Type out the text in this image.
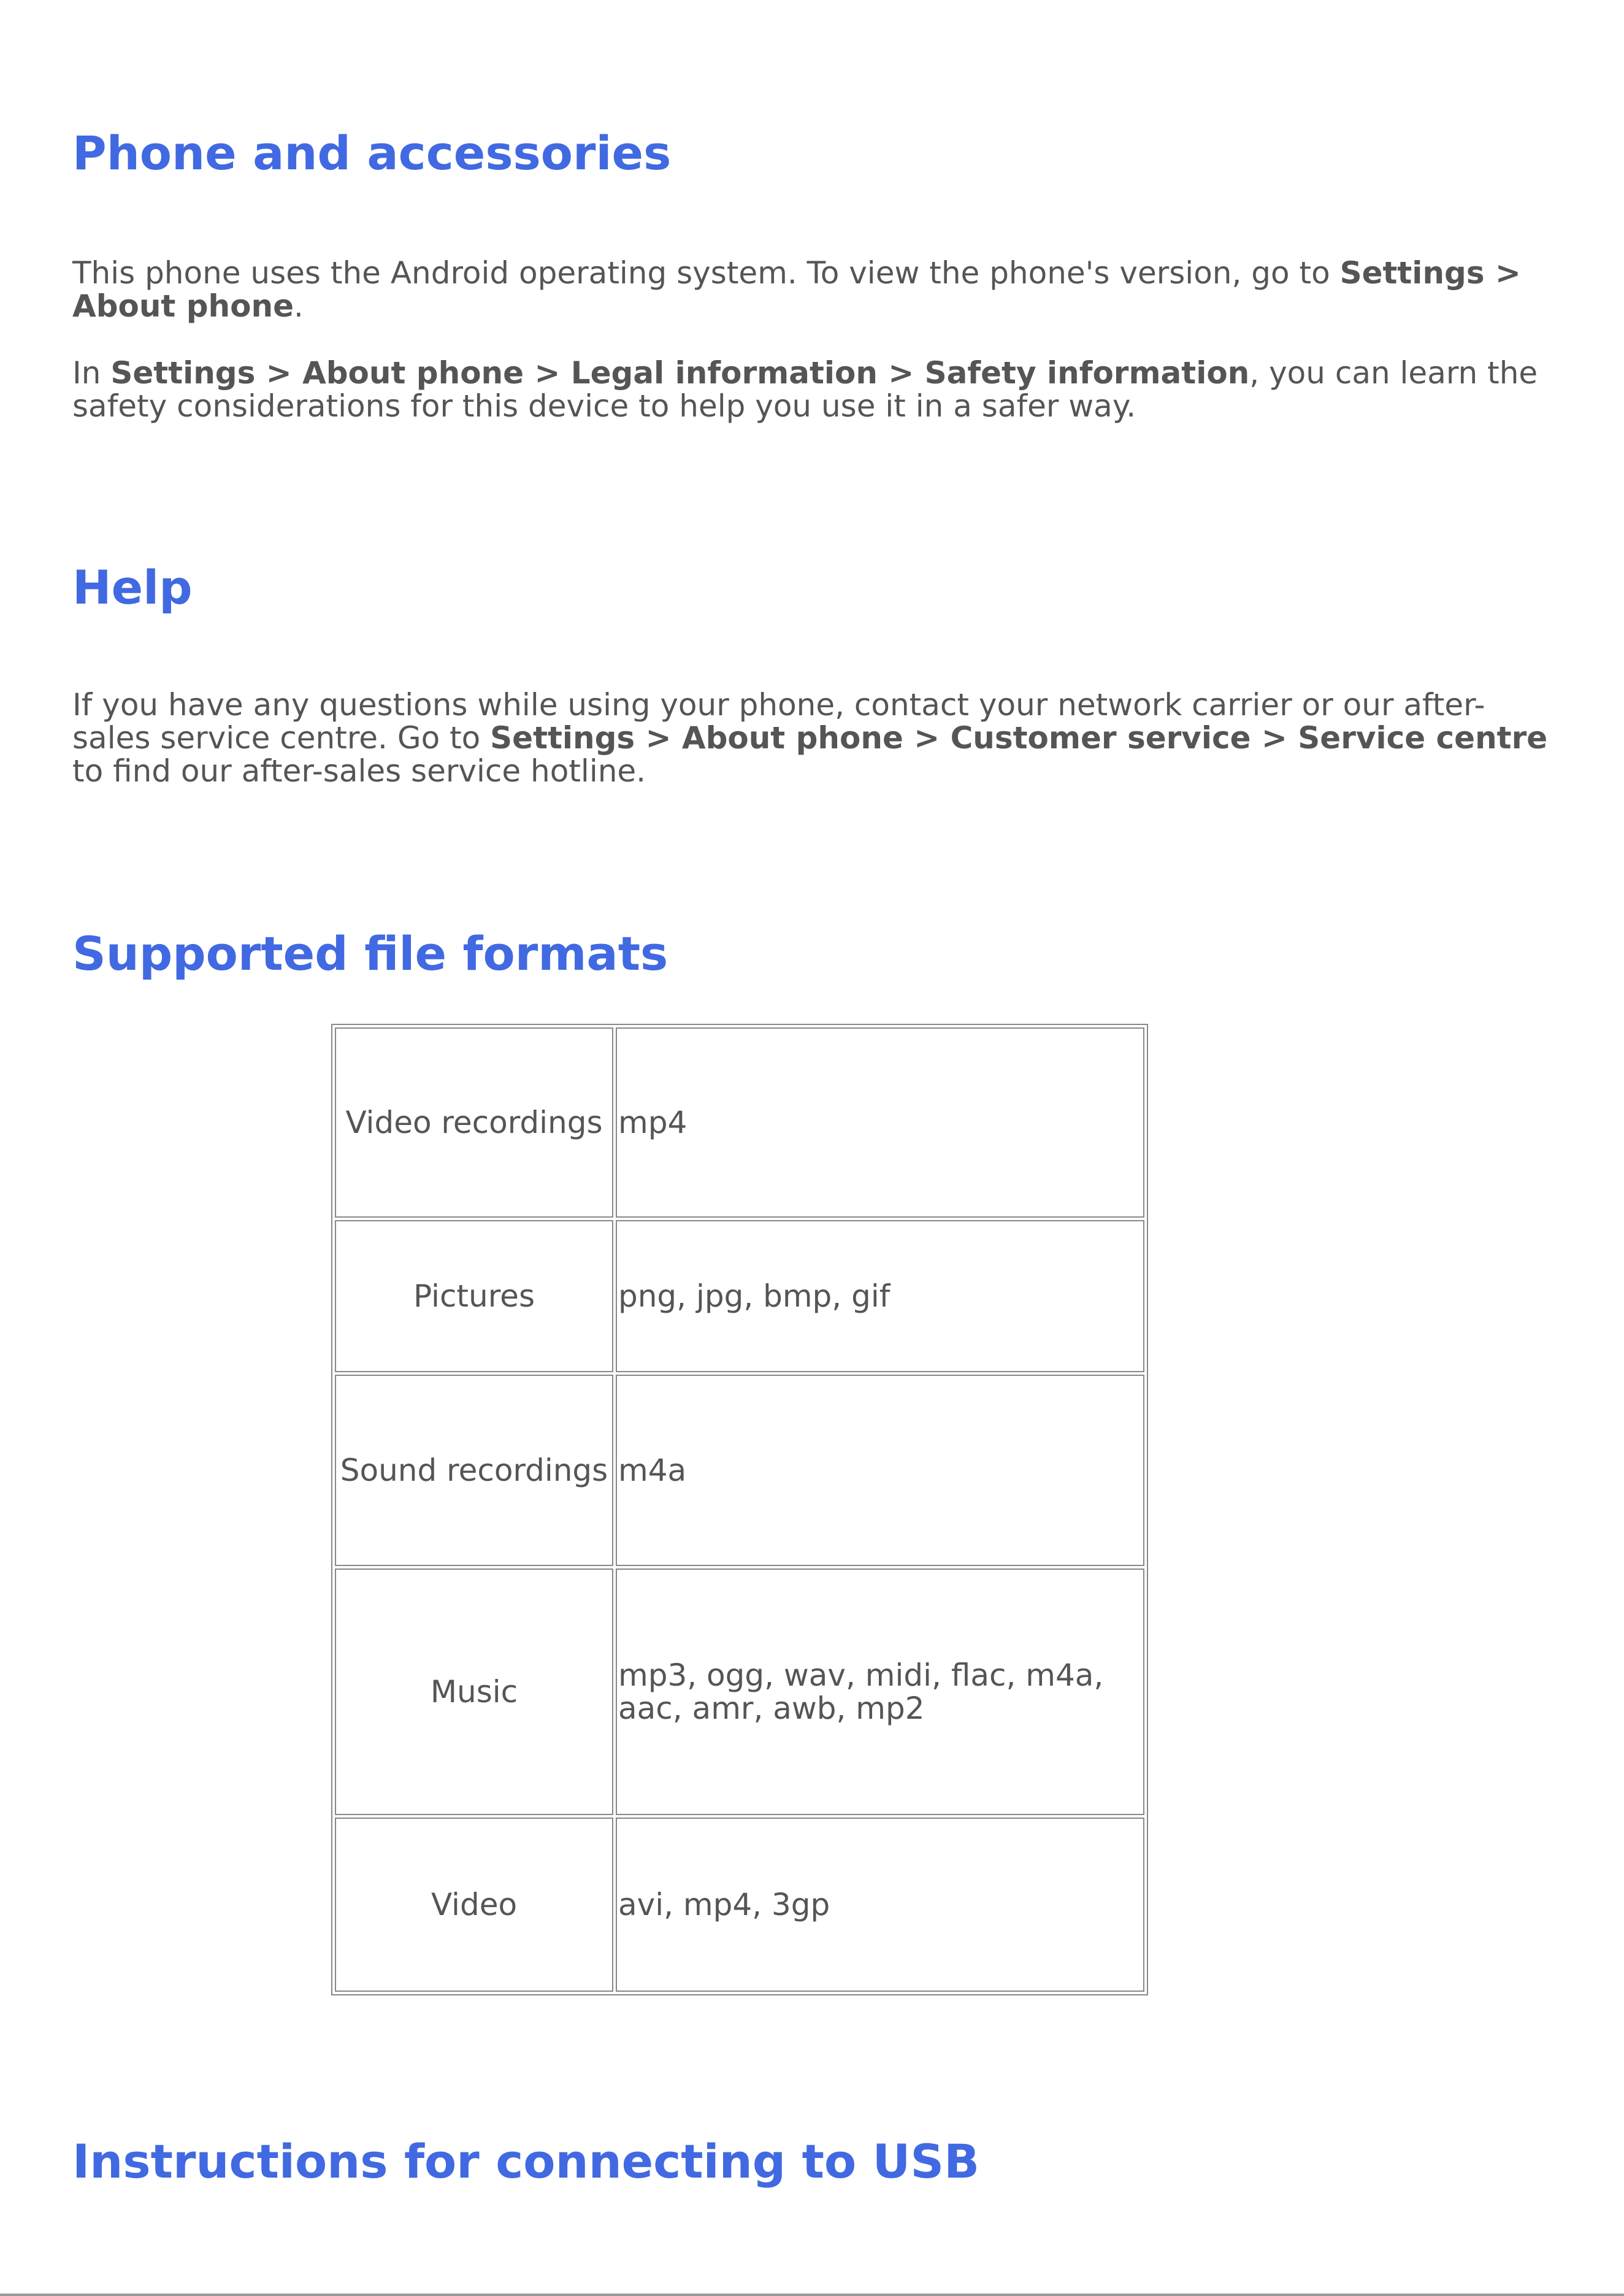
Phone and accessories

This phone uses the Android operating system. To view the phone's version, go to Settings > About phone.

In Settings > About phone > Legal information > Safety information, you can learn the safety considerations for this device to help you use it in a safer way.

Help

If you have any questions while using your phone, contact your network carrier or our after-sales service centre. Go to Settings > About phone > Customer service > Service centre to find our after-sales service hotline.

Supported file formats
Instructions for connecting to USB
Video recordings	mp4
Pictures	png, jpg, bmp, gif
Sound recordings	m4a
Music	mp3, ogg, wav, midi, flac, m4a, aac, amr, awb, mp2
Video	avi, mp4, 3gp
